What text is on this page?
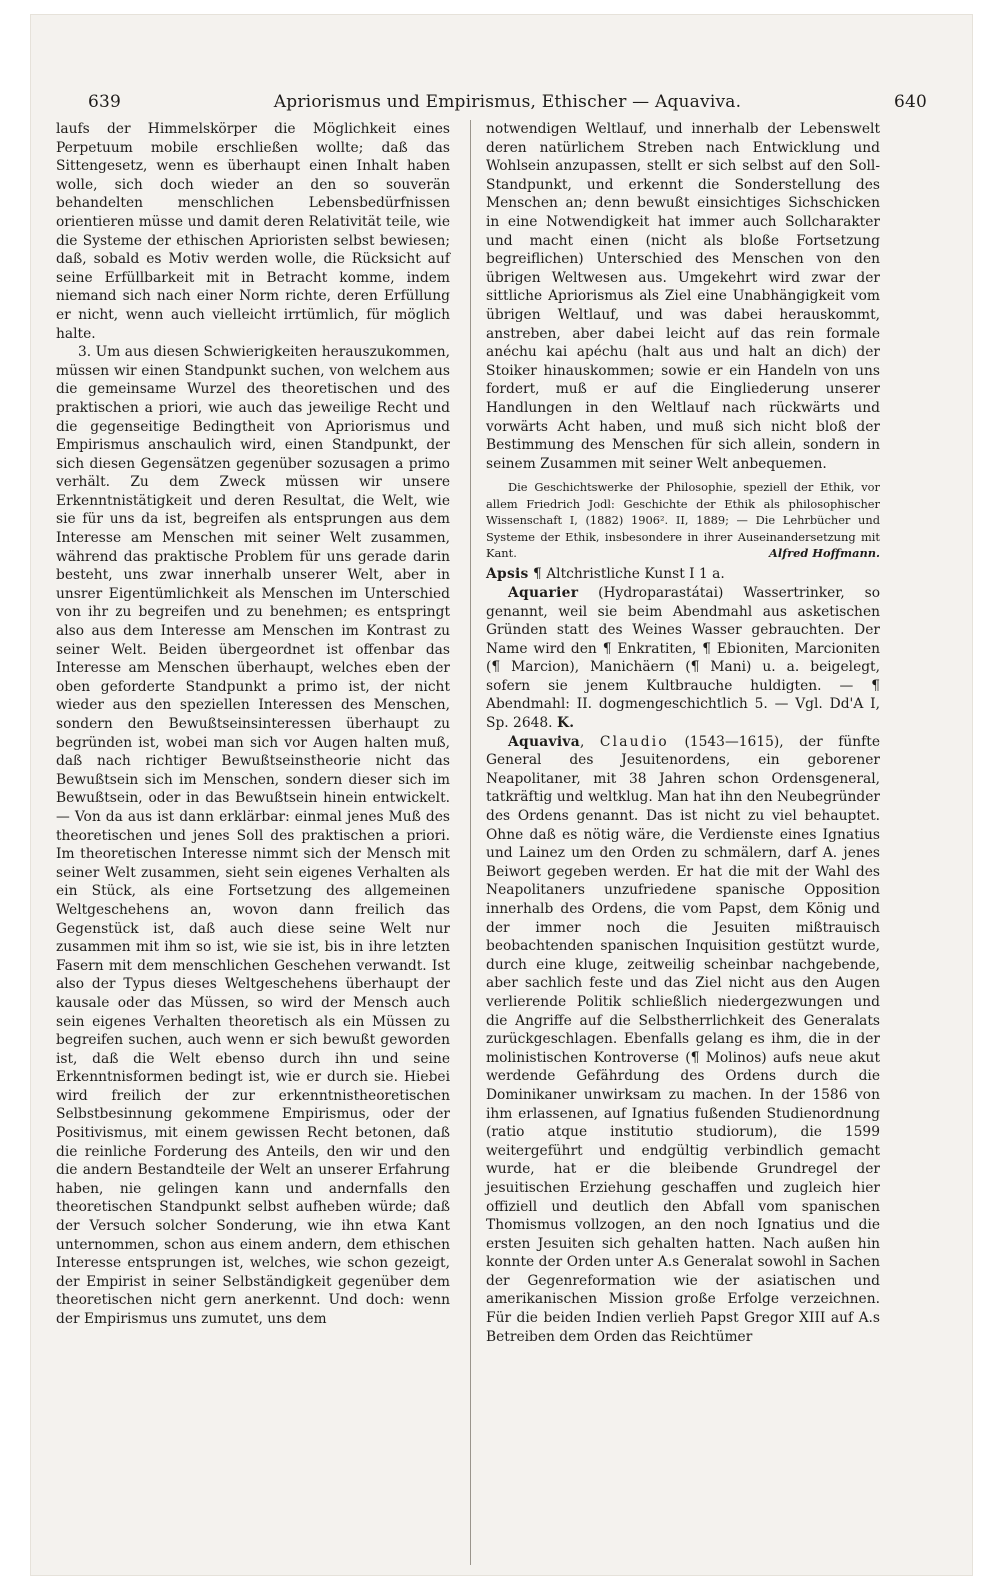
639	Apriorismus und Empirismus, Ethischer — Aquaviva.	640

laufs der Himmelskörper die Möglichkeit eines Perpetuum mobile erschließen wollte; daß das Sittengesetz, wenn es überhaupt einen Inhalt haben wolle, sich doch wieder an den so souverän behandelten menschlichen Lebensbedürfnissen orientieren müsse und damit deren Relativität teile, wie die Systeme der ethischen Aprioristen selbst bewiesen; daß, sobald es Motiv werden wolle, die Rücksicht auf seine Erfüllbarkeit mit in Betracht komme, indem niemand sich nach einer Norm richte, deren Erfüllung er nicht, wenn auch vielleicht irrtümlich, für möglich halte.

3. Um aus diesen Schwierigkeiten herauszukommen, müssen wir einen Standpunkt suchen, von welchem aus die gemeinsame Wurzel des theoretischen und des praktischen a priori, wie auch das jeweilige Recht und die gegenseitige Bedingtheit von Apriorismus und Empirismus anschaulich wird, einen Standpunkt, der sich diesen Gegensätzen gegenüber sozusagen a primo verhält. Zu dem Zweck müssen wir unsere Erkenntnistätigkeit und deren Resultat, die Welt, wie sie für uns da ist, begreifen als entsprungen aus dem Interesse am Menschen mit seiner Welt zusammen, während das praktische Problem für uns gerade darin besteht, uns zwar innerhalb unserer Welt, aber in unsrer Eigentümlichkeit als Menschen im Unterschied von ihr zu begreifen und zu benehmen; es entspringt also aus dem Interesse am Menschen im Kontrast zu seiner Welt. Beiden übergeordnet ist offenbar das Interesse am Menschen überhaupt, welches eben der oben geforderte Standpunkt a primo ist, der nicht wieder aus den speziellen Interessen des Menschen, sondern den Bewußtseinsinteressen überhaupt zu begründen ist, wobei man sich vor Augen halten muß, daß nach richtiger Bewußtseinstheorie nicht das Bewußtsein sich im Menschen, sondern dieser sich im Bewußtsein, oder in das Bewußtsein hinein entwickelt. — Von da aus ist dann erklärbar: einmal jenes Muß des theoretischen und jenes Soll des praktischen a priori. Im theoretischen Interesse nimmt sich der Mensch mit seiner Welt zusammen, sieht sein eigenes Verhalten als ein Stück, als eine Fortsetzung des allgemeinen Weltgeschehens an, wovon dann freilich das Gegenstück ist, daß auch diese seine Welt nur zusammen mit ihm so ist, wie sie ist, bis in ihre letzten Fasern mit dem menschlichen Geschehen verwandt. Ist also der Typus dieses Weltgeschehens überhaupt der kausale oder das Müssen, so wird der Mensch auch sein eigenes Verhalten theoretisch als ein Müssen zu begreifen suchen, auch wenn er sich bewußt geworden ist, daß die Welt ebenso durch ihn und seine Erkenntnisformen bedingt ist, wie er durch sie. Hiebei wird freilich der zur erkenntnistheoretischen Selbstbesinnung gekommene Empirismus, oder der Positivismus, mit einem gewissen Recht betonen, daß die reinliche Forderung des Anteils, den wir und den die andern Bestandteile der Welt an unserer Erfahrung haben, nie gelingen kann und andernfalls den theoretischen Standpunkt selbst aufheben würde; daß der Versuch solcher Sonderung, wie ihn etwa Kant unternommen, schon aus einem andern, dem ethischen Interesse entsprungen ist, welches, wie schon gezeigt, der Empirist in seiner Selbständigkeit gegenüber dem theoretischen nicht gern anerkennt. Und doch: wenn der Empirismus uns zumutet, uns dem

notwendigen Weltlauf, und innerhalb der Lebenswelt deren natürlichem Streben nach Entwicklung und Wohlsein anzupassen, stellt er sich selbst auf den Soll-Standpunkt, und erkennt die Sonderstellung des Menschen an; denn bewußt einsichtiges Sichschicken in eine Notwendigkeit hat immer auch Sollcharakter und macht einen (nicht als bloße Fortsetzung begreiflichen) Unterschied des Menschen von den übrigen Weltwesen aus. Umgekehrt wird zwar der sittliche Apriorismus als Ziel eine Unabhängigkeit vom übrigen Weltlauf, und was dabei herauskommt, anstreben, aber dabei leicht auf das rein formale anéchu kai apéchu (halt aus und halt an dich) der Stoiker hinauskommen; sowie er ein Handeln von uns fordert, muß er auf die Eingliederung unserer Handlungen in den Weltlauf nach rückwärts und vorwärts Acht haben, und muß sich nicht bloß der Bestimmung des Menschen für sich allein, sondern in seinem Zusammen mit seiner Welt anbequemen.

Die Geschichtswerke der Philosophie, speziell der Ethik, vor allem Friedrich Jodl: Geschichte der Ethik als philosophischer Wissenschaft I, (1882) 1906². II, 1889; — Die Lehrbücher und Systeme der Ethik, insbesondere in ihrer Auseinandersetzung mit Kant.	Alfred Hoffmann.

Apsis ¶ Altchristliche Kunst I 1 a.

Aquarier (Hydroparastátai) Wassertrinker, so genannt, weil sie beim Abendmahl aus asketischen Gründen statt des Weines Wasser gebrauchten. Der Name wird den ¶ Enkratiten, ¶ Ebioniten, Marcioniten (¶ Marcion), Manichäern (¶ Mani) u. a. beigelegt, sofern sie jenem Kultbrauche huldigten. — ¶ Abendmahl: II. dogmengeschichtlich 5. — Vgl. Dd'A I, Sp. 2648. K.

Aquaviva, Claudio (1543—1615), der fünfte General des Jesuitenordens, ein geborener Neapolitaner, mit 38 Jahren schon Ordensgeneral, tatkräftig und weltklug. Man hat ihn den Neubegründer des Ordens genannt. Das ist nicht zu viel behauptet. Ohne daß es nötig wäre, die Verdienste eines Ignatius und Lainez um den Orden zu schmälern, darf A. jenes Beiwort gegeben werden. Er hat die mit der Wahl des Neapolitaners unzufriedene spanische Opposition innerhalb des Ordens, die vom Papst, dem König und der immer noch die Jesuiten mißtrauisch beobachtenden spanischen Inquisition gestützt wurde, durch eine kluge, zeitweilig scheinbar nachgebende, aber sachlich feste und das Ziel nicht aus den Augen verlierende Politik schließlich niedergezwungen und die Angriffe auf die Selbstherrlichkeit des Generalats zurückgeschlagen. Ebenfalls gelang es ihm, die in der molinistischen Kontroverse (¶ Molinos) aufs neue akut werdende Gefährdung des Ordens durch die Dominikaner unwirksam zu machen. In der 1586 von ihm erlassenen, auf Ignatius fußenden Studienordnung (ratio atque institutio studiorum), die 1599 weitergeführt und endgültig verbindlich gemacht wurde, hat er die bleibende Grundregel der jesuitischen Erziehung geschaffen und zugleich hier offiziell und deutlich den Abfall vom spanischen Thomismus vollzogen, an den noch Ignatius und die ersten Jesuiten sich gehalten hatten. Nach außen hin konnte der Orden unter A.s Generalat sowohl in Sachen der Gegenreformation wie der asiatischen und amerikanischen Mission große Erfolge verzeichnen. Für die beiden Indien verlieh Papst Gregor XIII auf A.s Betreiben dem Orden das Reichtümer
